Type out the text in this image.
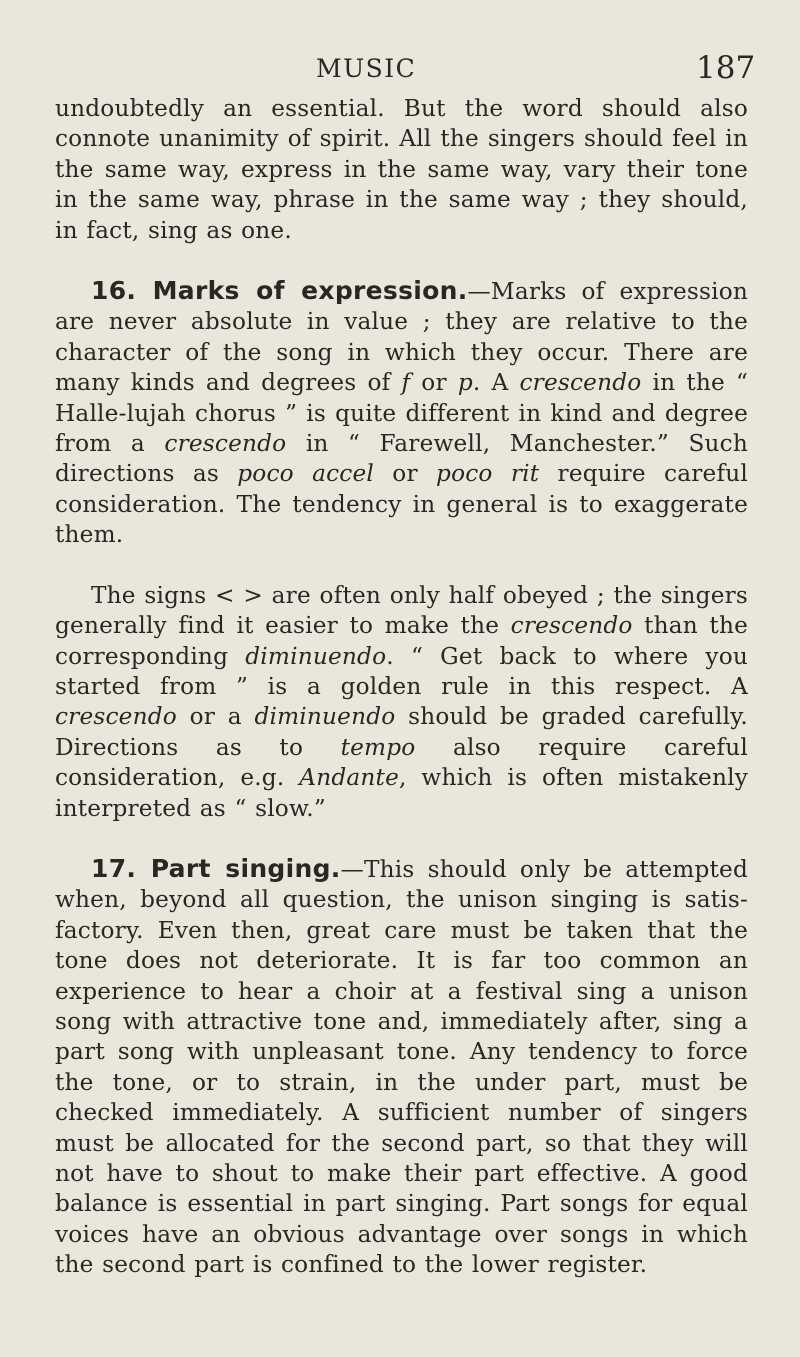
MUSIC	187

undoubtedly an essential. But the word should also connote unanimity of spirit. All the singers should feel in the same way, express in the same way, vary their tone in the same way, phrase in the same way ; they should, in fact, sing as one.

16. Marks of expression.—Marks of expression are never absolute in value ; they are relative to the character of the song in which they occur. There are many kinds and degrees of f or p. A crescendo in the “ Halle-lujah chorus ” is quite different in kind and degree from a crescendo in “ Farewell, Manchester.” Such directions as poco accel or poco rit require careful consideration. The tendency in general is to exaggerate them.

The signs < > are often only half obeyed ; the singers generally find it easier to make the crescendo than the corresponding diminuendo. “ Get back to where you started from ” is a golden rule in this respect. A crescendo or a diminuendo should be graded carefully. Directions as to tempo also require careful consideration, e.g. Andante, which is often mistakenly interpreted as “ slow.”

17. Part singing.—This should only be attempted when, beyond all question, the unison singing is satis-factory. Even then, great care must be taken that the tone does not deteriorate. It is far too common an experience to hear a choir at a festival sing a unison song with attractive tone and, immediately after, sing a part song with unpleasant tone. Any tendency to force the tone, or to strain, in the under part, must be checked immediately. A sufficient number of singers must be allocated for the second part, so that they will not have to shout to make their part effective. A good balance is essential in part singing. Part songs for equal voices have an obvious advantage over songs in which the second part is confined to the lower register.
